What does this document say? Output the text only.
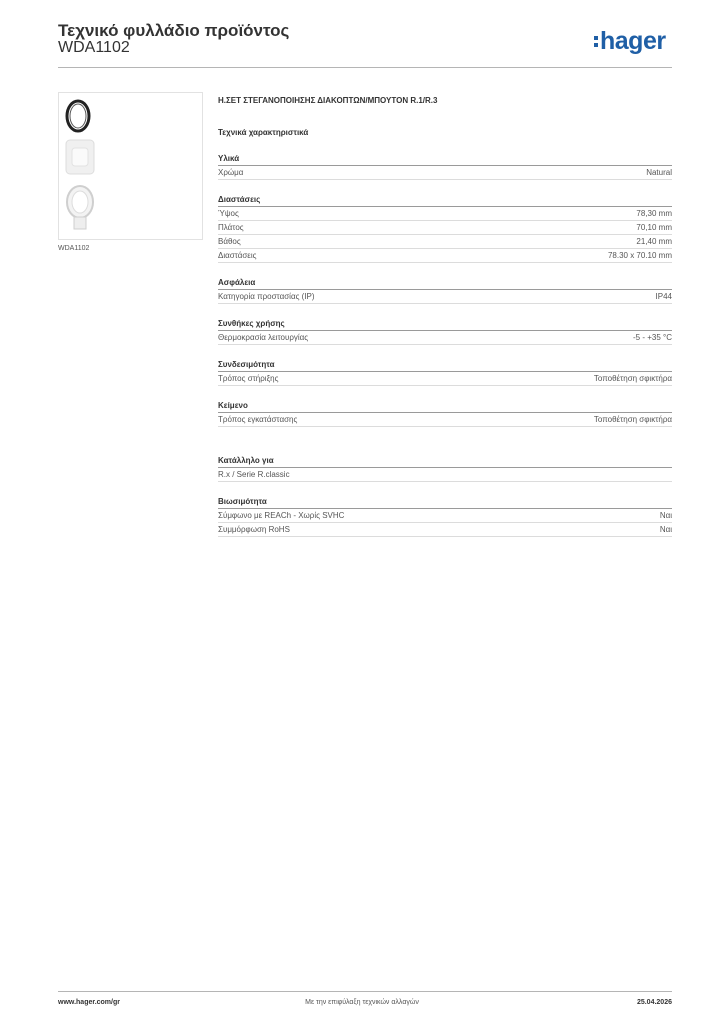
Τεχνικό φυλλάδιο προϊόντος
WDA1102	hager
WDA1102
Η.ΣΕΤ ΣΤΕΓΑΝΟΠΟΙΗΣΗΣ ΔΙΑΚΟΠΤΩΝ/ΜΠΟΥΤΟΝ R.1/R.3
Τεχνικά χαρακτηριστικά
Υλικά
Χρώμα	Natural
Διαστάσεις
Ύψος	78,30 mm
Πλάτος	70,10 mm
Βάθος	21,40 mm
Διαστάσεις	78.30 x 70.10 mm
Ασφάλεια
Κατηγορία προστασίας (IP)	IP44
Συνθήκες χρήσης
Θερμοκρασία λειτουργίας	-5 - +35 °C
Συνδεσιμότητα
Τρόπος στήριξης	Τοποθέτηση σφικτήρα
Κείμενο
Τρόπος εγκατάστασης	Τοποθέτηση σφικτήρα
Κατάλληλο για
R.x / Serie R.classic
Βιωσιμότητα
Σύμφωνο με REACh - Χωρίς SVHC	Ναι
Συμμόρφωση RoHS	Ναι
www.hager.com/gr	Με την επιφύλαξη τεχνικών αλλαγών	25.04.2026
